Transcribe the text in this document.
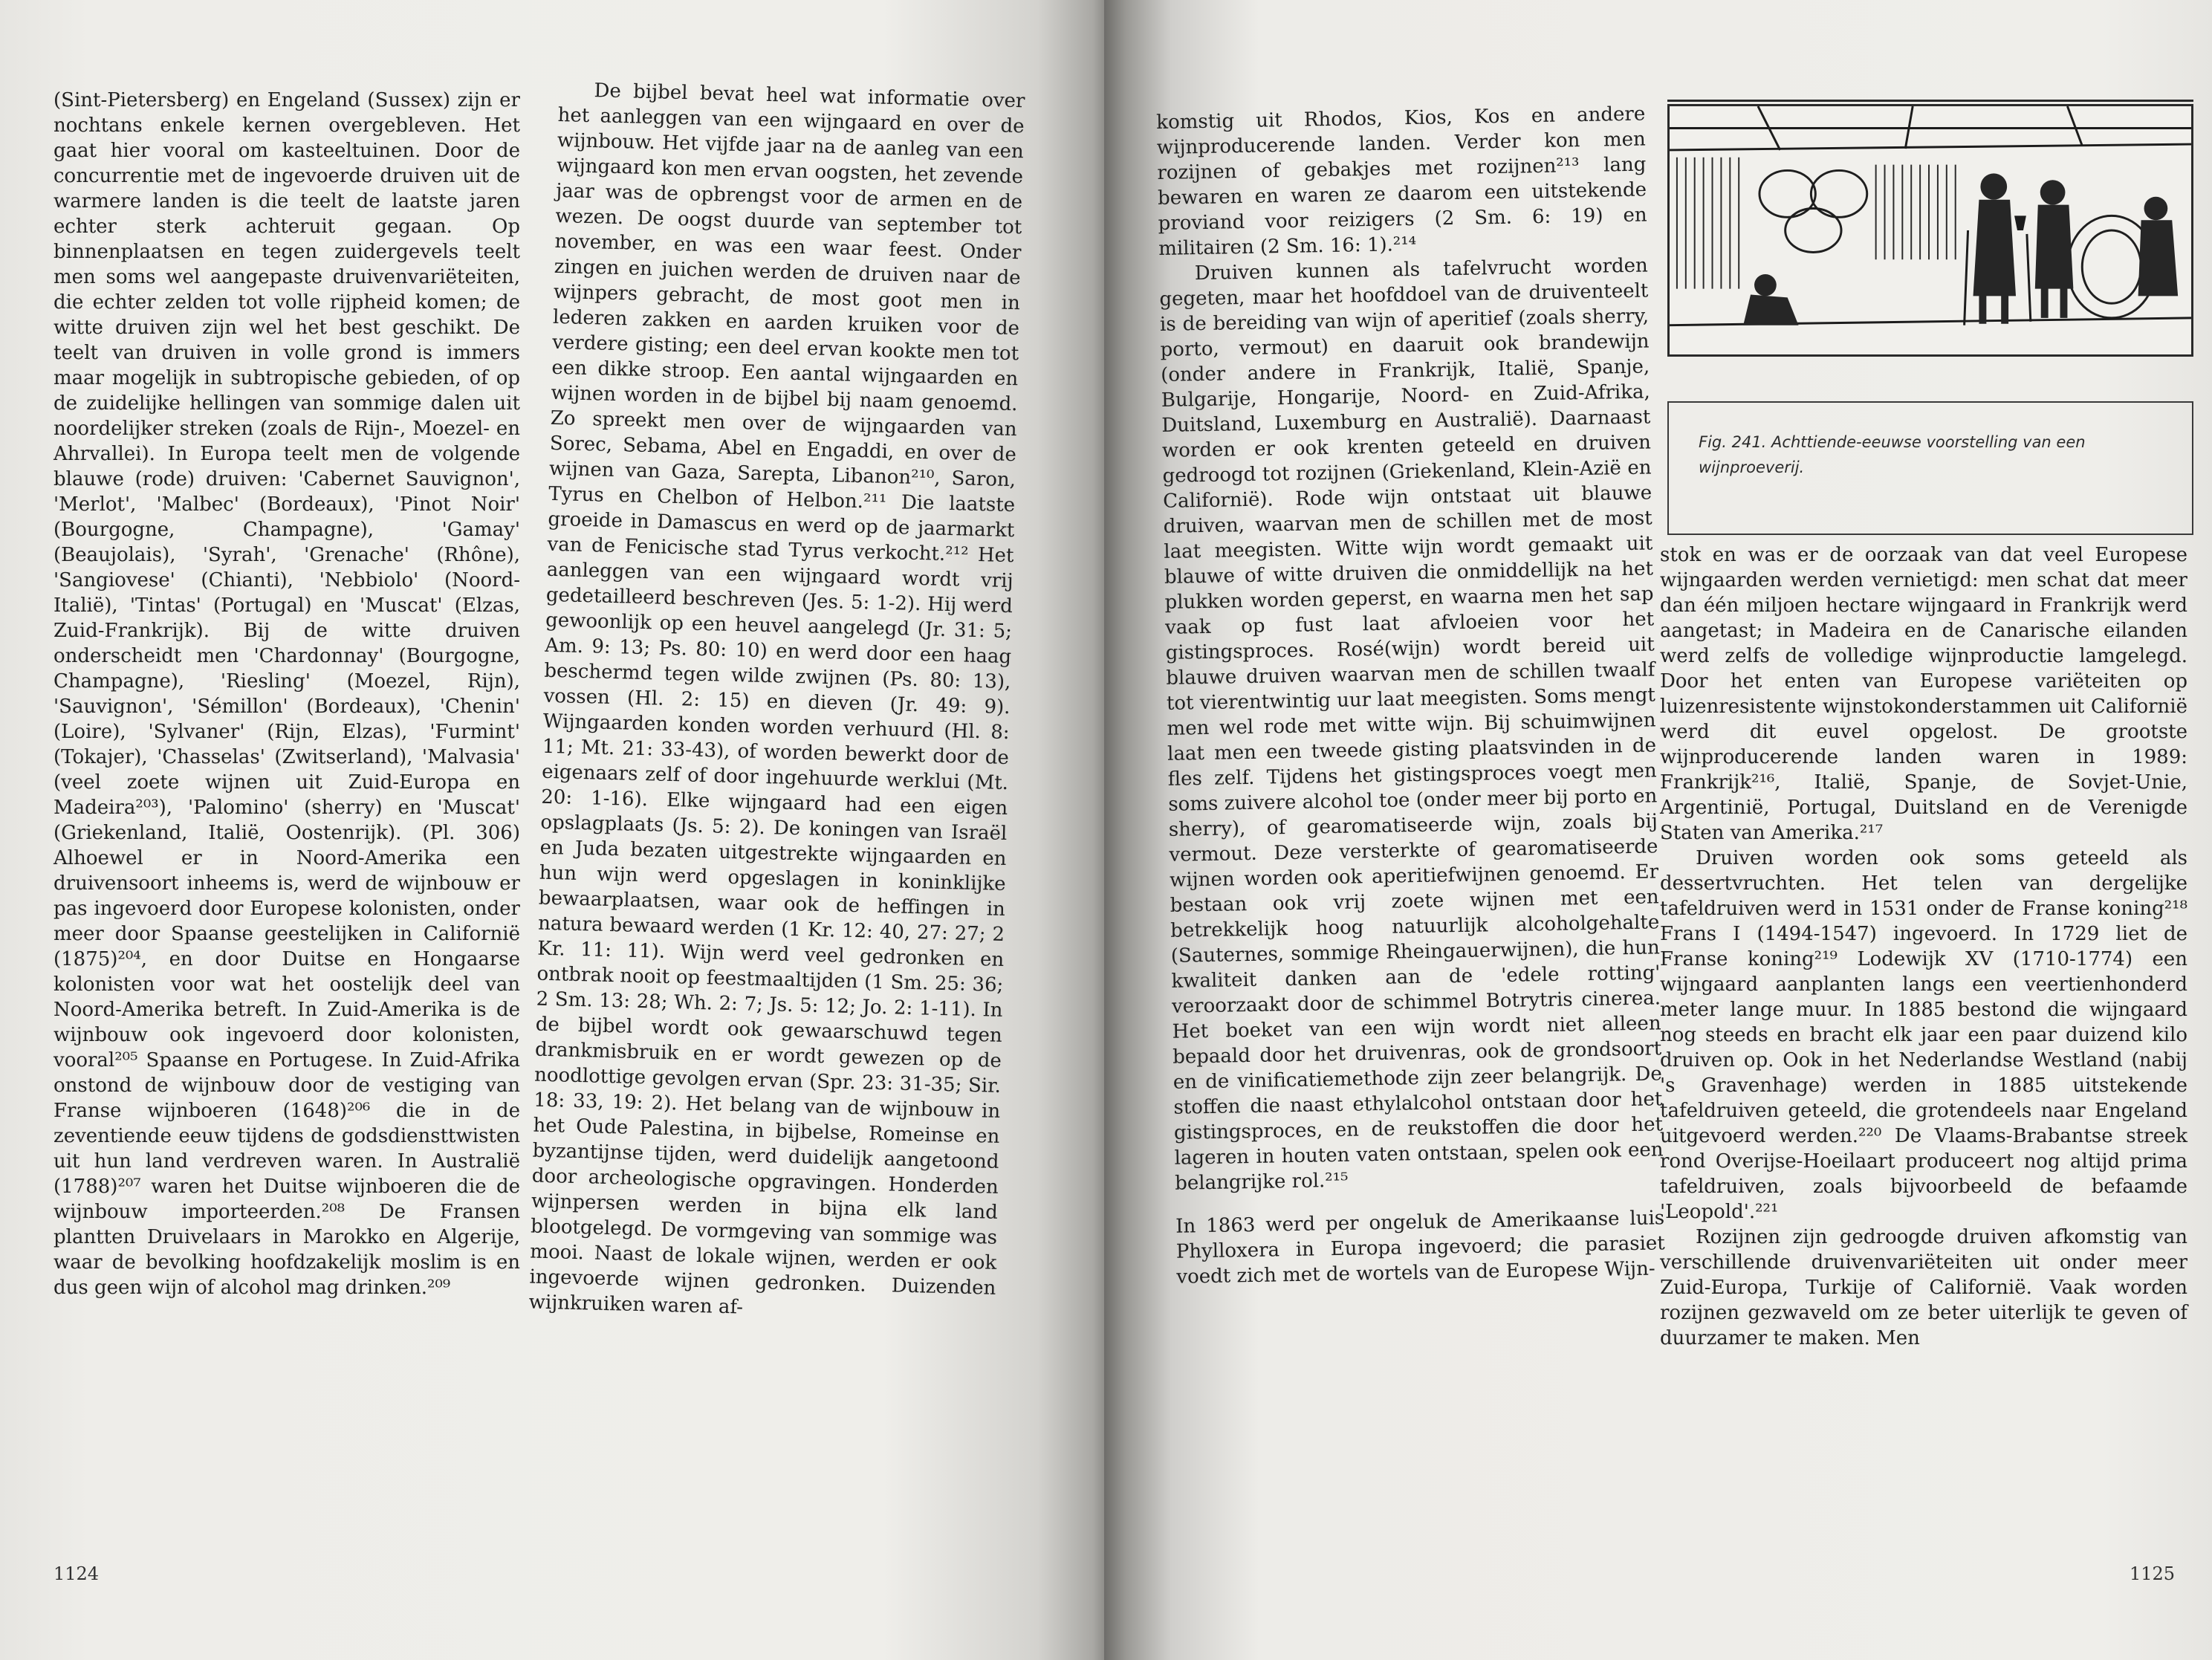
(Sint-Pietersberg) en Engeland (Sussex) zijn er nochtans enkele kernen overgebleven. Het gaat hier vooral om kasteeltuinen. Door de concurrentie met de ingevoerde druiven uit de warmere landen is die teelt de laatste jaren echter sterk achteruit gegaan. Op binnenplaatsen en tegen zuidergevels teelt men soms wel aangepaste druivenvariëteiten, die echter zelden tot volle rijpheid komen; de witte druiven zijn wel het best geschikt. De teelt van druiven in volle grond is immers maar mogelijk in subtropische gebieden, of op de zuidelijke hellingen van sommige dalen uit noordelijker streken (zoals de Rijn-, Moezel- en Ahrvallei). In Europa teelt men de volgende blauwe (rode) druiven: 'Cabernet Sauvignon', 'Merlot', 'Malbec' (Bordeaux), 'Pinot Noir' (Bourgogne, Champagne), 'Gamay' (Beaujolais), 'Syrah', 'Grenache' (Rhône), 'Sangiovese' (Chianti), 'Nebbiolo' (Noord-Italië), 'Tintas' (Portugal) en 'Muscat' (Elzas, Zuid-Frankrijk). Bij de witte druiven onderscheidt men 'Chardonnay' (Bourgogne, Champagne), 'Riesling' (Moezel, Rijn), 'Sauvignon', 'Sémillon' (Bordeaux), 'Chenin' (Loire), 'Sylvaner' (Rijn, Elzas), 'Furmint' (Tokajer), 'Chasselas' (Zwitserland), 'Malvasia' (veel zoete wijnen uit Zuid-Europa en Madeira²⁰³), 'Palomino' (sherry) en 'Muscat' (Griekenland, Italië, Oostenrijk). (Pl. 306) Alhoewel er in Noord-Amerika een druivensoort inheems is, werd de wijnbouw er pas ingevoerd door Europese kolonisten, onder meer door Spaanse geestelijken in Californië (1875)²⁰⁴, en door Duitse en Hongaarse kolonisten voor wat het oostelijk deel van Noord-Amerika betreft. In Zuid-Amerika is de wijnbouw ook ingevoerd door kolonisten, vooral²⁰⁵ Spaanse en Portugese. In Zuid-Afrika onstond de wijnbouw door de vestiging van Franse wijnboeren (1648)²⁰⁶ die in de zeventiende eeuw tijdens de godsdiensttwisten uit hun land verdreven waren. In Australië (1788)²⁰⁷ waren het Duitse wijnboeren die de wijnbouw importeerden.²⁰⁸ De Fransen plantten Druivelaars in Marokko en Algerije, waar de bevolking hoofdzakelijk moslim is en dus geen wijn of alcohol mag drinken.²⁰⁹

De bijbel bevat heel wat informatie over het aanleggen van een wijngaard en over de wijnbouw. Het vijfde jaar na de aanleg van een wijngaard kon men ervan oogsten, het zevende jaar was de opbrengst voor de armen en de wezen. De oogst duurde van september tot november, en was een waar feest. Onder zingen en juichen werden de druiven naar de wijnpers gebracht, de most goot men in lederen zakken en aarden kruiken voor de verdere gisting; een deel ervan kookte men tot een dikke stroop. Een aantal wijngaarden en wijnen worden in de bijbel bij naam genoemd. Zo spreekt men over de wijngaarden van Sorec, Sebama, Abel en Engaddi, en over de wijnen van Gaza, Sarepta, Libanon²¹⁰, Saron, Tyrus en Chelbon of Helbon.²¹¹ Die laatste groeide in Damascus en werd op de jaarmarkt van de Fenicische stad Tyrus verkocht.²¹² Het aanleggen van een wijngaard wordt vrij gedetailleerd beschreven (Jes. 5: 1-2). Hij werd gewoonlijk op een heuvel aangelegd (Jr. 31: 5; Am. 9: 13; Ps. 80: 10) en werd door een haag beschermd tegen wilde zwijnen (Ps. 80: 13), vossen (Hl. 2: 15) en dieven (Jr. 49: 9). Wijngaarden konden worden verhuurd (Hl. 8: 11; Mt. 21: 33-43), of worden bewerkt door de eigenaars zelf of door ingehuurde werklui (Mt. 20: 1-16). Elke wijngaard had een eigen opslagplaats (Js. 5: 2). De koningen van Israël en Juda bezaten uitgestrekte wijngaarden en hun wijn werd opgeslagen in koninklijke bewaarplaatsen, waar ook de heffingen in natura bewaard werden (1 Kr. 12: 40, 27: 27; 2 Kr. 11: 11). Wijn werd veel gedronken en ontbrak nooit op feestmaaltijden (1 Sm. 25: 36; 2 Sm. 13: 28; Wh. 2: 7; Js. 5: 12; Jo. 2: 1-11). In de bijbel wordt ook gewaarschuwd tegen drankmisbruik en er wordt gewezen op de noodlottige gevolgen ervan (Spr. 23: 31-35; Sir. 18: 33, 19: 2). Het belang van de wijnbouw in het Oude Palestina, in bijbelse, Romeinse en byzantijnse tijden, werd duidelijk aangetoond door archeologische opgravingen. Honderden wijnpersen werden in bijna elk land blootgelegd. De vormgeving van sommige was mooi. Naast de lokale wijnen, werden er ook ingevoerde wijnen gedronken. Duizenden wijnkruiken waren af-

1124

komstig uit Rhodos, Kios, Kos en andere wijnproducerende landen. Verder kon men rozijnen of gebakjes met rozijnen²¹³ lang bewaren en waren ze daarom een uitstekende proviand voor reizigers (2 Sm. 6: 19) en militairen (2 Sm. 16: 1).²¹⁴

Druiven kunnen als tafelvrucht worden gegeten, maar het hoofddoel van de druiventeelt is de bereiding van wijn of aperitief (zoals sherry, porto, vermout) en daaruit ook brandewijn (onder andere in Frankrijk, Italië, Spanje, Bulgarije, Hongarije, Noord- en Zuid-Afrika, Duitsland, Luxemburg en Australië). Daarnaast worden er ook krenten geteeld en druiven gedroogd tot rozijnen (Griekenland, Klein-Azië en Californië). Rode wijn ontstaat uit blauwe druiven, waarvan men de schillen met de most laat meegisten. Witte wijn wordt gemaakt uit blauwe of witte druiven die onmiddellijk na het plukken worden geperst, en waarna men het sap vaak op fust laat afvloeien voor het gistingsproces. Rosé(wijn) wordt bereid uit blauwe druiven waarvan men de schillen twaalf tot vierentwintig uur laat meegisten. Soms mengt men wel rode met witte wijn. Bij schuimwijnen laat men een tweede gisting plaatsvinden in de fles zelf. Tijdens het gistingsproces voegt men soms zuivere alcohol toe (onder meer bij porto en sherry), of gearomatiseerde wijn, zoals bij vermout. Deze versterkte of gearomatiseerde wijnen worden ook aperitiefwijnen genoemd. Er bestaan ook vrij zoete wijnen met een betrekkelijk hoog natuurlijk alcoholgehalte (Sauternes, sommige Rheingauerwijnen), die hun kwaliteit danken aan de 'edele rotting' veroorzaakt door de schimmel Botrytris cinerea. Het boeket van een wijn wordt niet alleen bepaald door het druivenras, ook de grondsoort en de vinificatiemethode zijn zeer belangrijk. De stoffen die naast ethylalcohol ontstaan door het gistingsproces, en de reukstoffen die door het lageren in houten vaten ontstaan, spelen ook een belangrijke rol.²¹⁵

In 1863 werd per ongeluk de Amerikaanse luis Phylloxera in Europa ingevoerd; die parasiet voedt zich met de wortels van de Europese Wijn-

stok en was er de oorzaak van dat veel Europese wijngaarden werden vernietigd: men schat dat meer dan één miljoen hectare wijngaard in Frankrijk werd aangetast; in Madeira en de Canarische eilanden werd zelfs de volledige wijnproductie lamgelegd. Door het enten van Europese variëteiten op luizenresistente wijnstokonderstammen uit Californië werd dit euvel opgelost. De grootste wijnproducerende landen waren in 1989: Frankrijk²¹⁶, Italië, Spanje, de Sovjet-Unie, Argentinië, Portugal, Duitsland en de Verenigde Staten van Amerika.²¹⁷

Druiven worden ook soms geteeld als dessertvruchten. Het telen van dergelijke tafeldruiven werd in 1531 onder de Franse koning²¹⁸ Frans I (1494-1547) ingevoerd. In 1729 liet de Franse koning²¹⁹ Lodewijk XV (1710-1774) een wijngaard aanplanten langs een veertienhonderd meter lange muur. In 1885 bestond die wijngaard nog steeds en bracht elk jaar een paar duizend kilo druiven op. Ook in het Nederlandse Westland (nabij 's Gravenhage) werden in 1885 uitstekende tafeldruiven geteeld, die grotendeels naar Engeland uitgevoerd werden.²²⁰ De Vlaams-Brabantse streek rond Overijse-Hoeilaart produceert nog altijd prima tafeldruiven, zoals bijvoorbeeld de befaamde 'Leopold'.²²¹

Rozijnen zijn gedroogde druiven afkomstig van verschillende druivenvariëteiten uit onder meer Zuid-Europa, Turkije of Californië. Vaak worden rozijnen gezwaveld om ze beter uiterlijk te geven of duurzamer te maken. Men

1125
Fig. 241. Achttiende-eeuwse voorstelling van een wijnproeverij.
